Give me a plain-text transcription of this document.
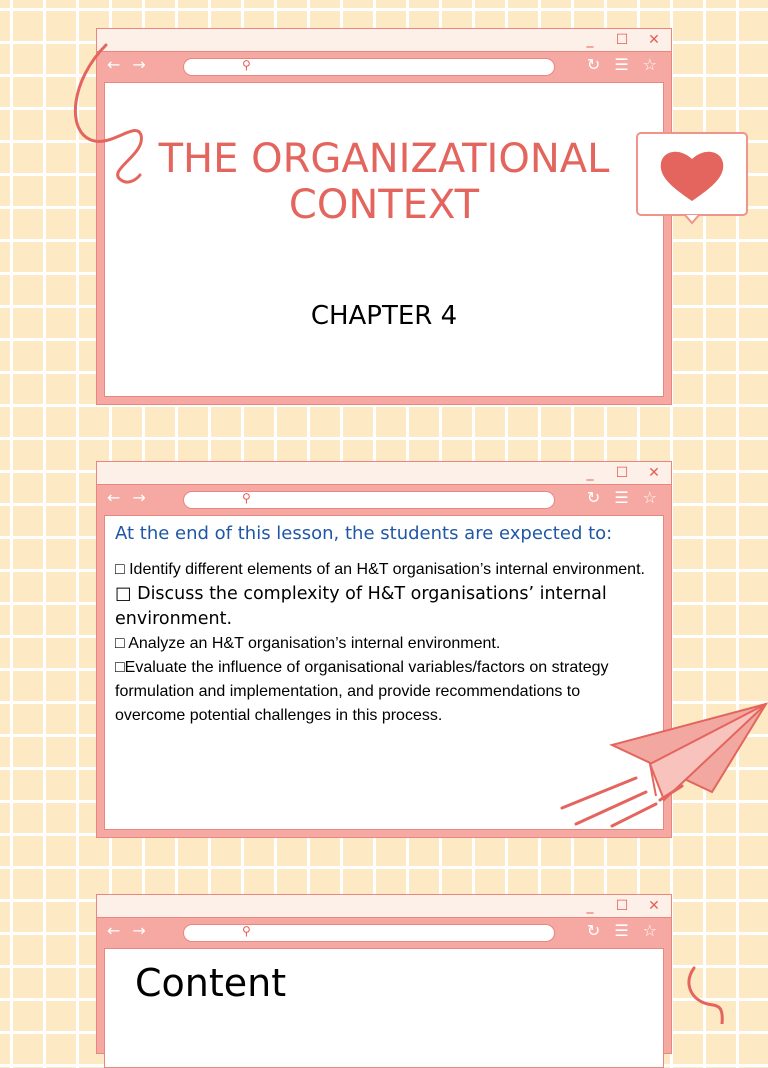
_ ☐ ✕
← →	⚲	↻ ☰ ☆
THE ORGANIZATIONAL CONTEXT
CHAPTER 4
_ ☐ ✕
← →	⚲	↻ ☰ ☆
At the end of this lesson, the students are expected to:
□ Identify different elements of an H&T organisation’s internal environment.
□ Discuss the complexity of H&T organisations’ internal environment.
□ Analyze an H&T organisation’s internal environment.
□Evaluate the influence of organisational variables/factors on strategy formulation and implementation, and provide recommendations to overcome potential challenges in this process.
_ ☐ ✕
← →	⚲	↻ ☰ ☆
Content
